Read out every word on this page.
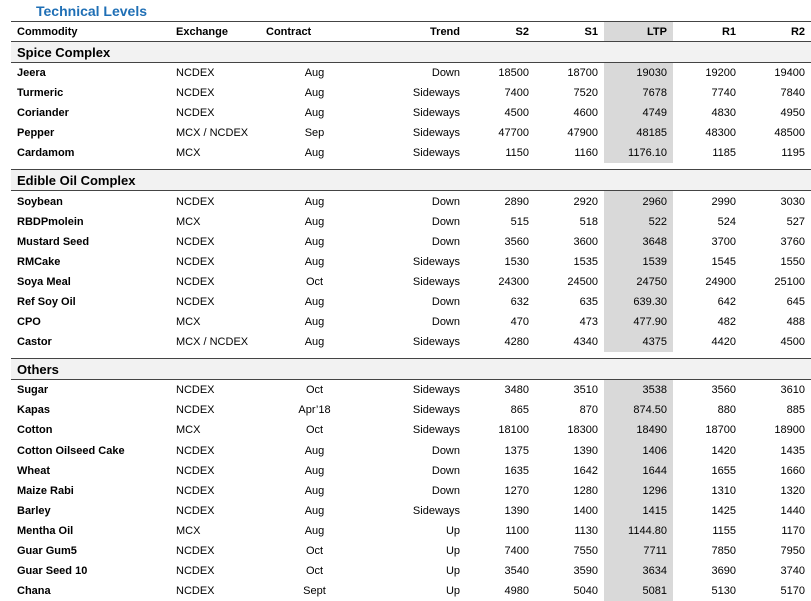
Technical Levels
Commodity	Exchange	Contract	Trend	S2	S1	LTP	R1	R2
Spice Complex								
Jeera	NCDEX	Aug	Down	18500	18700	19030	19200	19400
Turmeric	NCDEX	Aug	Sideways	7400	7520	7678	7740	7840
Coriander	NCDEX	Aug	Sideways	4500	4600	4749	4830	4950
Pepper	MCX / NCDEX	Sep	Sideways	47700	47900	48185	48300	48500
Cardamom	MCX	Aug	Sideways	1150	1160	1176.10	1185	1195

Edible Oil Complex								
Soybean	NCDEX	Aug	Down	2890	2920	2960	2990	3030
RBDPmolein	MCX	Aug	Down	515	518	522	524	527
Mustard Seed	NCDEX	Aug	Down	3560	3600	3648	3700	3760
RMCake	NCDEX	Aug	Sideways	1530	1535	1539	1545	1550
Soya Meal	NCDEX	Oct	Sideways	24300	24500	24750	24900	25100
Ref Soy Oil	NCDEX	Aug	Down	632	635	639.30	642	645
CPO	MCX	Aug	Down	470	473	477.90	482	488
Castor	MCX / NCDEX	Aug	Sideways	4280	4340	4375	4420	4500

Others								
Sugar	NCDEX	Oct	Sideways	3480	3510	3538	3560	3610
Kapas	NCDEX	Apr’18	Sideways	865	870	874.50	880	885
Cotton	MCX	Oct	Sideways	18100	18300	18490	18700	18900
Cotton Oilseed Cake	NCDEX	Aug	Down	1375	1390	1406	1420	1435
Wheat	NCDEX	Aug	Down	1635	1642	1644	1655	1660
Maize Rabi	NCDEX	Aug	Down	1270	1280	1296	1310	1320
Barley	NCDEX	Aug	Sideways	1390	1400	1415	1425	1440
Mentha Oil	MCX	Aug	Up	1100	1130	1144.80	1155	1170
Guar Gum5	NCDEX	Oct	Up	7400	7550	7711	7850	7950
Guar Seed 10	NCDEX	Oct	Up	3540	3590	3634	3690	3740
Chana	NCDEX	Sept	Up	4980	5040	5081	5130	5170
